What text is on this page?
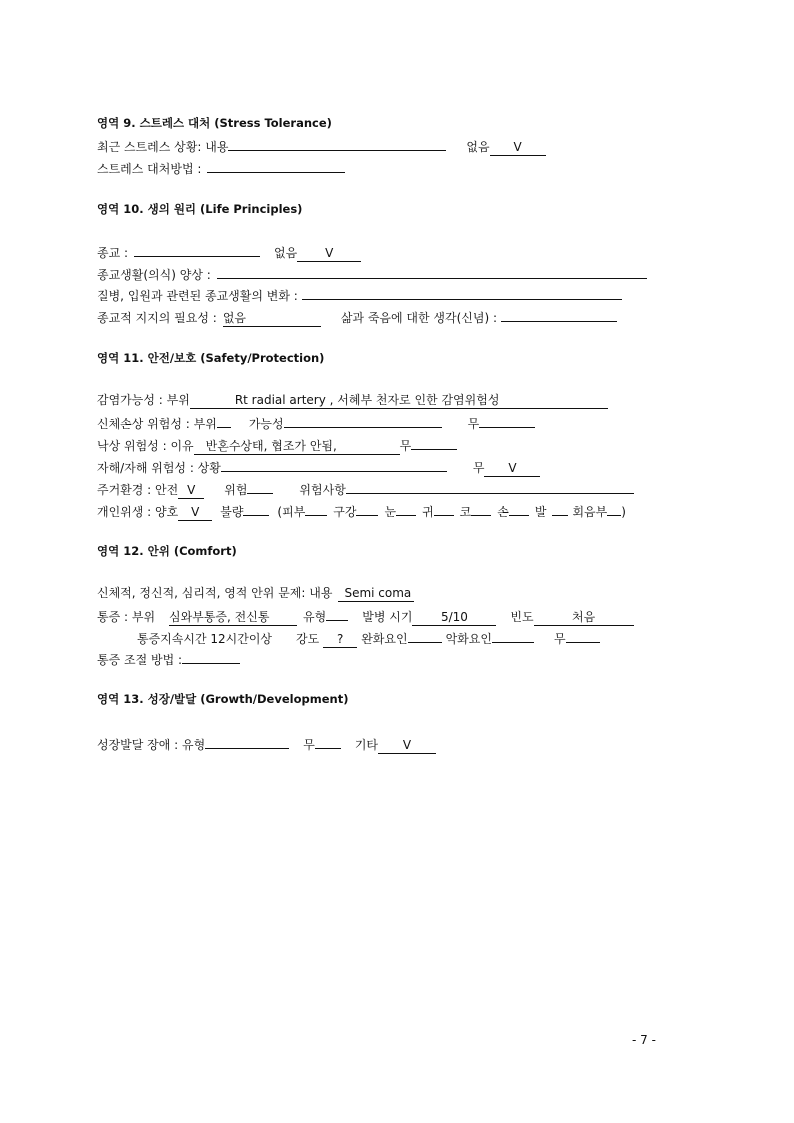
영역 9. 스트레스 대처 (Stress Tolerance)
최근 스트레스 상황: 내용	없음 V
스트레스 대처방법 :
영역 10. 생의 원리 (Life Principles)
종교 :	없음 V
종교생활(의식) 양상 :
질병, 입원과 관련된 종교생활의 변화 :
종교적 지지의 필요성 : 없음	삶과 죽음에 대한 생각(신념) :
영역 11. 안전/보호 (Safety/Protection)
감염가능성 : 부위	Rt radial artery , 서혜부 천자로 인한 감염위험성
신체손상 위험성 : 부위	가능성	무
낙상 위험성 : 이유 반혼수상태, 협조가 안됨,	무
자해/자해 위험성 : 상황	무 V
주거환경 : 안전 V 위험	위험사항
개인위생 : 양호 V 불량	(피부 구강 눈 귀 코 손 발 회음부 )
영역 12. 안위 (Comfort)
신체적, 정신적, 심리적, 영적 안위 문제: 내용 Semi coma
통증 : 부위 심와부통증, 전신통	유형	발병 시기 5/10	빈도	처음
통증지속시간 12시간이상 강도 ? 완화요인	악화요인	무
통증 조절 방법 :
영역 13. 성장/발달 (Growth/Development)
성장발달 장애 : 유형	무	기타 V
- 7 -
